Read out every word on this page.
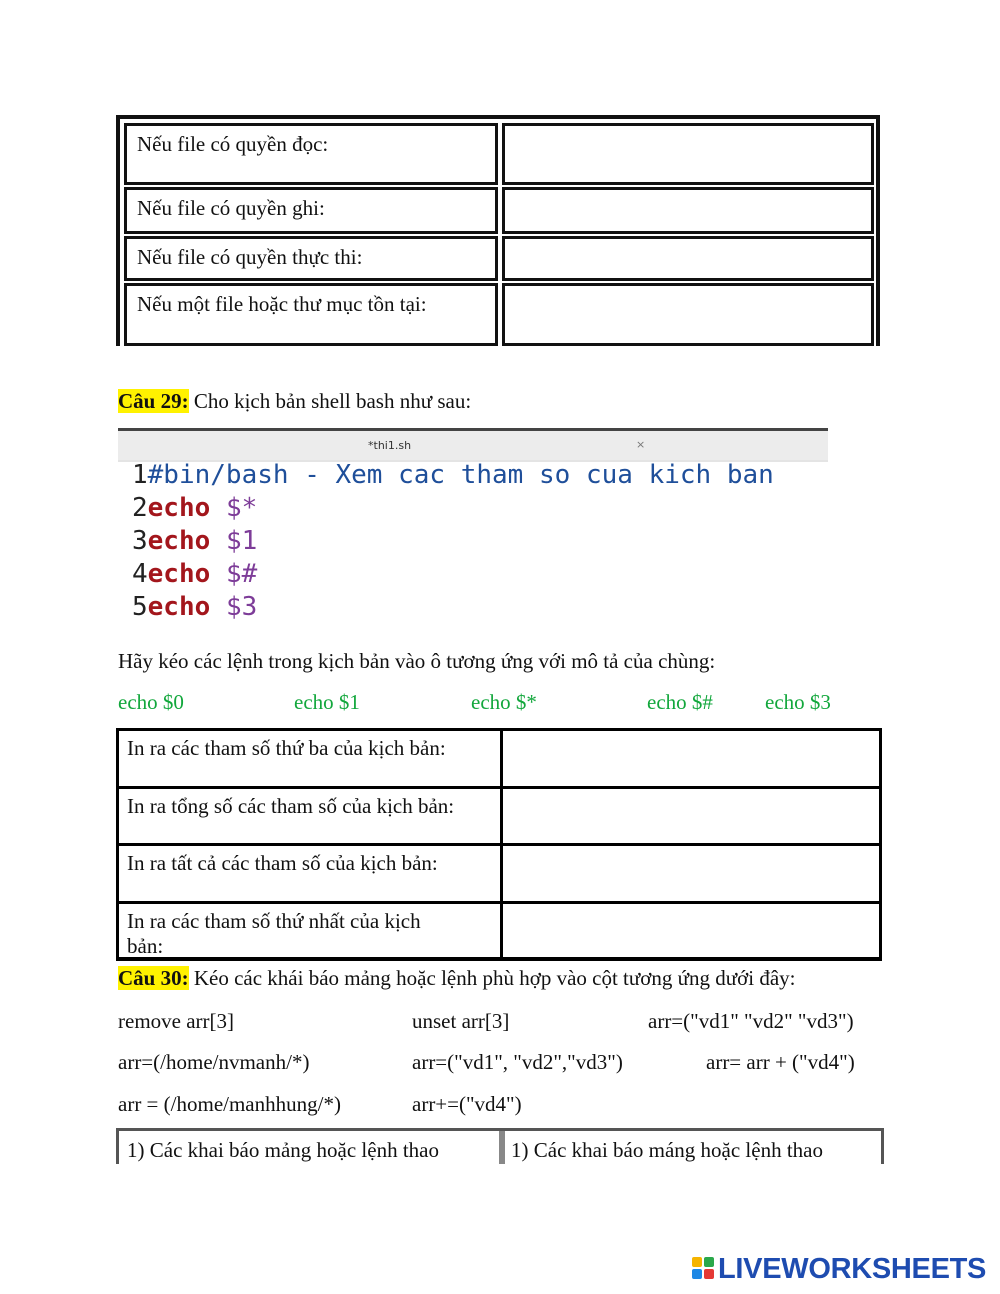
Nếu file có quyền đọc:
Nếu file có quyền ghi:
Nếu file có quyền thực thi:
Nếu một file hoặc thư mục tồn tại:
Câu 29: Cho kịch bản shell bash như sau:
*thi1.sh	×
1#bin/bash - Xem cac tham so cua kich ban
2echo $*
3echo $1
4echo $#
5echo $3
Hãy kéo các lệnh trong kịch bản vào ô tương ứng với mô tả của chùng:
echo $0	echo $1	echo $*	echo $# echo $3
In ra các tham số thứ ba của kịch bản:
In ra tổng số các tham số của kịch bản:
In ra tất cả các tham số của kịch bản:
In ra các tham số thứ nhất của kịch bản:
Câu 30: Kéo các khái báo mảng hoặc lệnh phù hợp vào cột tương ứng dưới đây:
remove arr[3]	unset arr[3]	arr=("vd1" "vd2" "vd3")
arr=(/home/nvmanh/*)	arr=("vd1", "vd2","vd3")	arr= arr + ("vd4")
arr = (/home/manhhung/*)	arr+=("vd4")
1) Các khai báo mảng hoặc lệnh thao	1) Các khai báo máng hoặc lệnh thao
LIVEWORKSHEETS
